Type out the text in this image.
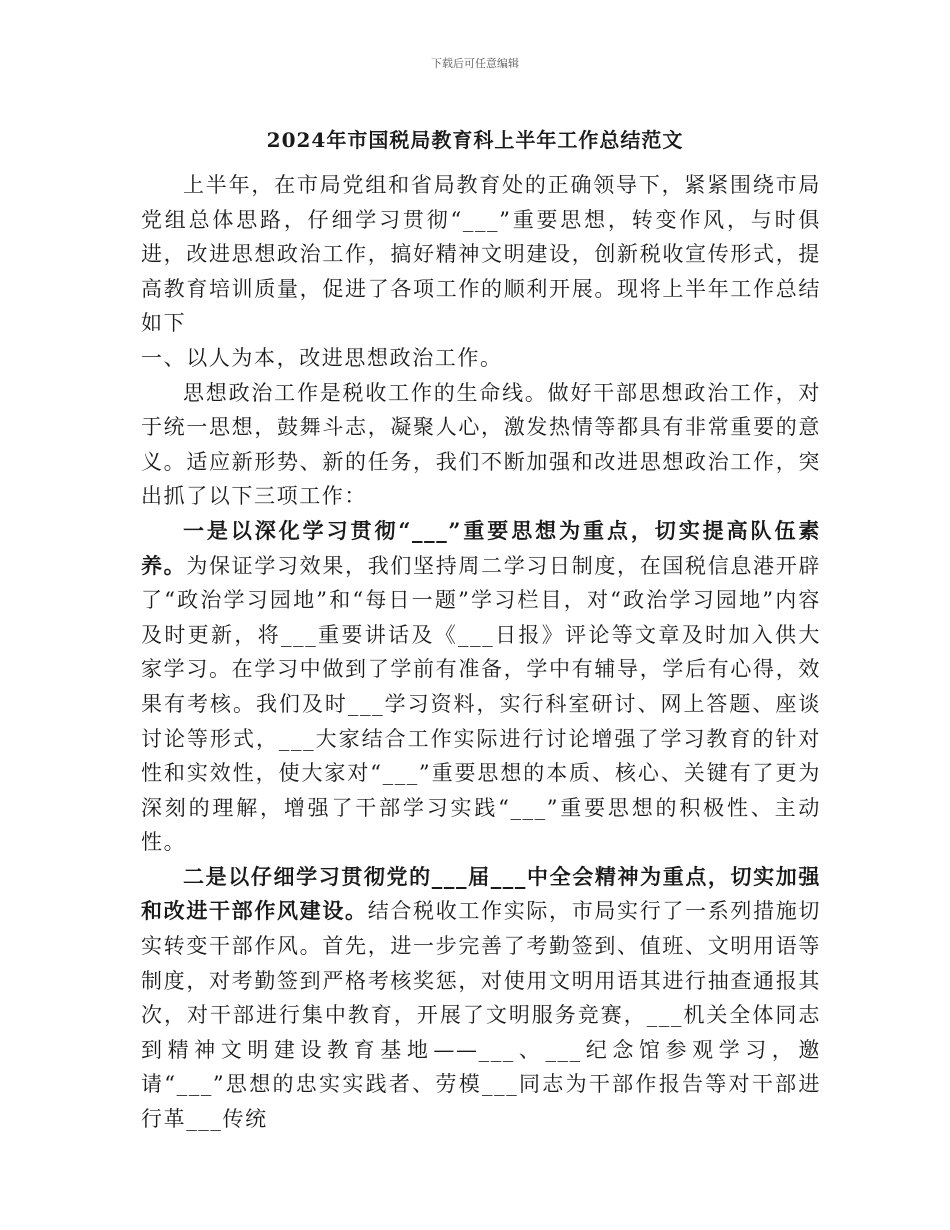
下载后可任意编辑
2024年市国税局教育科上半年工作总结范文

上半年，在市局党组和省局教育处的正确领导下，紧紧围绕市局党组总体思路，仔细学习贯彻“___”重要思想，转变作风，与时俱进，改进思想政治工作，搞好精神文明建设，创新税收宣传形式，提高教育培训质量，促进了各项工作的顺利开展。现将上半年工作总结如下

一、以人为本，改进思想政治工作。

思想政治工作是税收工作的生命线。做好干部思想政治工作，对于统一思想，鼓舞斗志，凝聚人心，激发热情等都具有非常重要的意义。适应新形势、新的任务，我们不断加强和改进思想政治工作，突出抓了以下三项工作：

一是以深化学习贯彻“___”重要思想为重点，切实提高队伍素养。为保证学习效果，我们坚持周二学习日制度，在国税信息港开辟了“政治学习园地”和“每日一题”学习栏目，对“政治学习园地”内容及时更新，将___重要讲话及《___日报》评论等文章及时加入供大家学习。在学习中做到了学前有准备，学中有辅导，学后有心得，效果有考核。我们及时___学习资料，实行科室研讨、网上答题、座谈讨论等形式，___大家结合工作实际进行讨论增强了学习教育的针对性和实效性，使大家对“___”重要思想的本质、核心、关键有了更为深刻的理解，增强了干部学习实践“___”重要思想的积极性、主动性。

二是以仔细学习贯彻党的___届___中全会精神为重点，切实加强和改进干部作风建设。结合税收工作实际，市局实行了一系列措施切实转变干部作风。首先，进一步完善了考勤签到、值班、文明用语等制度，对考勤签到严格考核奖惩，对使用文明用语其进行抽查通报其次，对干部进行集中教育，开展了文明服务竞赛，___机关全体同志到精神文明建设教育基地——___、___纪念馆参观学习，邀请“___”思想的忠实实践者、劳模___同志为干部作报告等对干部进行革___传统
